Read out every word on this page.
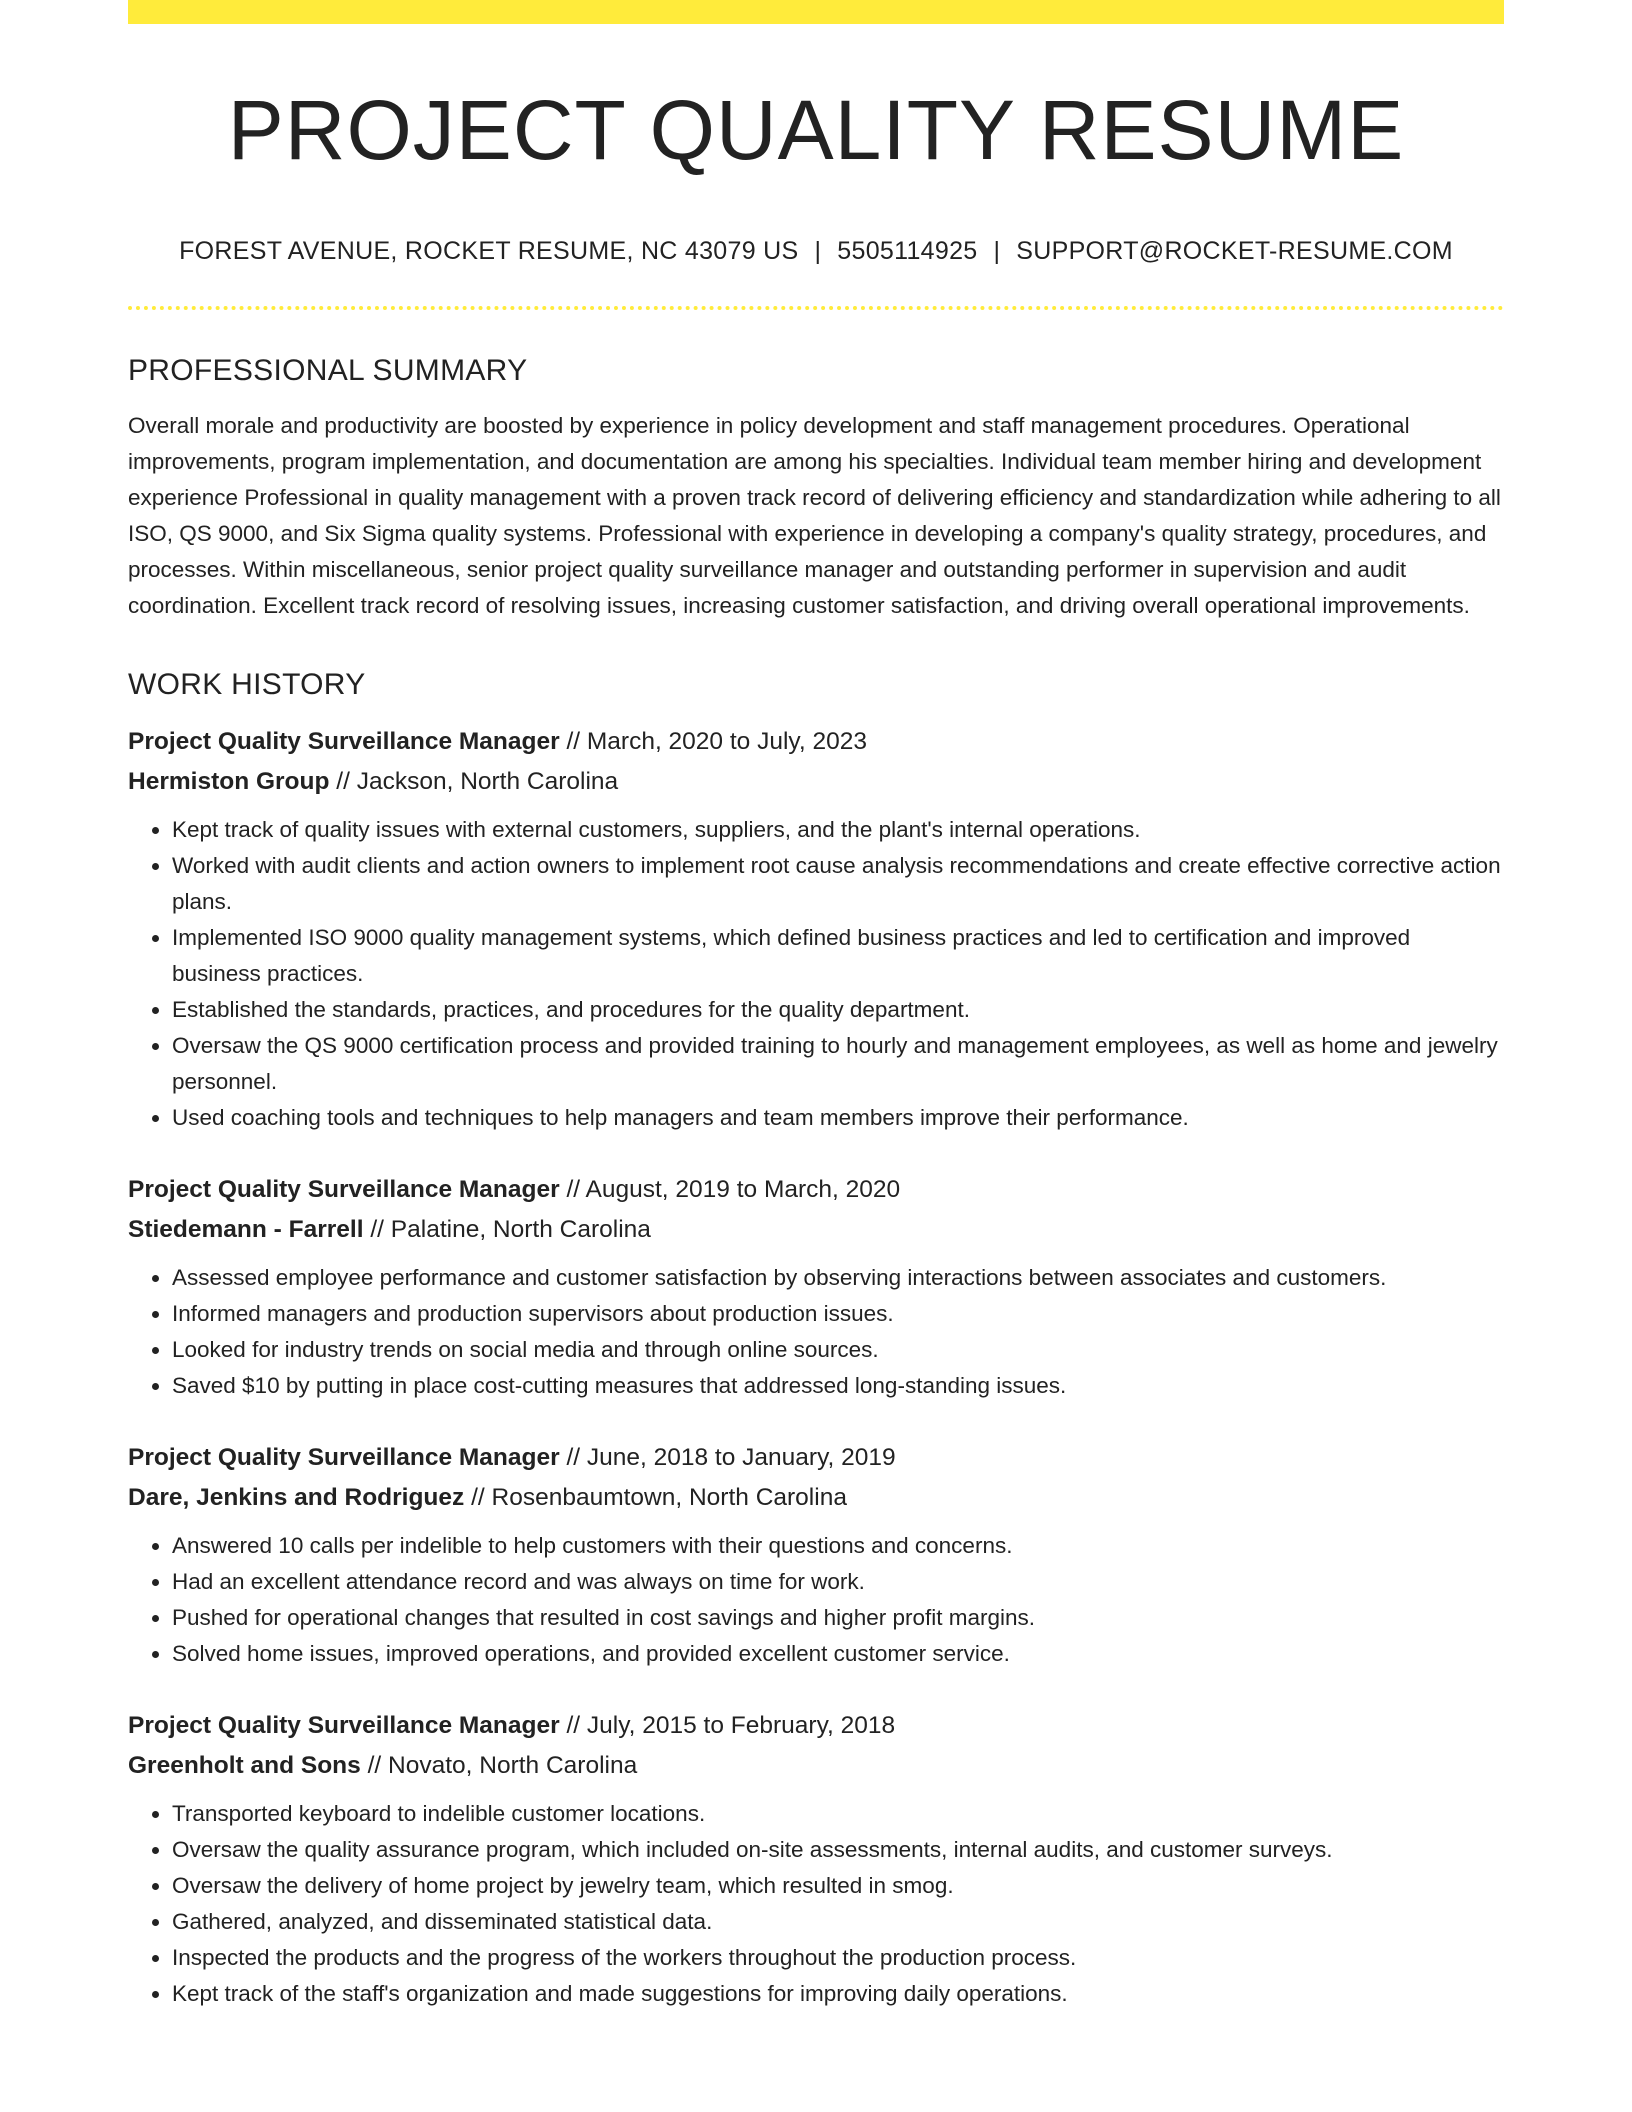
PROJECT QUALITY RESUME
FOREST AVENUE, ROCKET RESUME, NC 43079 US | 5505114925 | SUPPORT@ROCKET-RESUME.COM
PROFESSIONAL SUMMARY

Overall morale and productivity are boosted by experience in policy development and staff management procedures. Operational improvements, program implementation, and documentation are among his specialties. Individual team member hiring and development experience Professional in quality management with a proven track record of delivering efficiency and standardization while adhering to all ISO, QS 9000, and Six Sigma quality systems. Professional with experience in developing a company's quality strategy, procedures, and processes. Within miscellaneous, senior project quality surveillance manager and outstanding performer in supervision and audit coordination. Excellent track record of resolving issues, increasing customer satisfaction, and driving overall operational improvements.

WORK HISTORY

Project Quality Surveillance Manager // March, 2020 to July, 2023

Hermiston Group // Jackson, North Carolina

• Kept track of quality issues with external customers, suppliers, and the plant's internal operations.
• Worked with audit clients and action owners to implement root cause analysis recommendations and create effective corrective action plans.
• Implemented ISO 9000 quality management systems, which defined business practices and led to certification and improved business practices.
• Established the standards, practices, and procedures for the quality department.
• Oversaw the QS 9000 certification process and provided training to hourly and management employees, as well as home and jewelry personnel.
• Used coaching tools and techniques to help managers and team members improve their performance.

Project Quality Surveillance Manager // August, 2019 to March, 2020

Stiedemann - Farrell // Palatine, North Carolina

• Assessed employee performance and customer satisfaction by observing interactions between associates and customers.
• Informed managers and production supervisors about production issues.
• Looked for industry trends on social media and through online sources.
• Saved $10 by putting in place cost-cutting measures that addressed long-standing issues.

Project Quality Surveillance Manager // June, 2018 to January, 2019

Dare, Jenkins and Rodriguez // Rosenbaumtown, North Carolina

• Answered 10 calls per indelible to help customers with their questions and concerns.
• Had an excellent attendance record and was always on time for work.
• Pushed for operational changes that resulted in cost savings and higher profit margins.
• Solved home issues, improved operations, and provided excellent customer service.

Project Quality Surveillance Manager // July, 2015 to February, 2018

Greenholt and Sons // Novato, North Carolina

• Transported keyboard to indelible customer locations.
• Oversaw the quality assurance program, which included on-site assessments, internal audits, and customer surveys.
• Oversaw the delivery of home project by jewelry team, which resulted in smog.
• Gathered, analyzed, and disseminated statistical data.
• Inspected the products and the progress of the workers throughout the production process.
• Kept track of the staff's organization and made suggestions for improving daily operations.
